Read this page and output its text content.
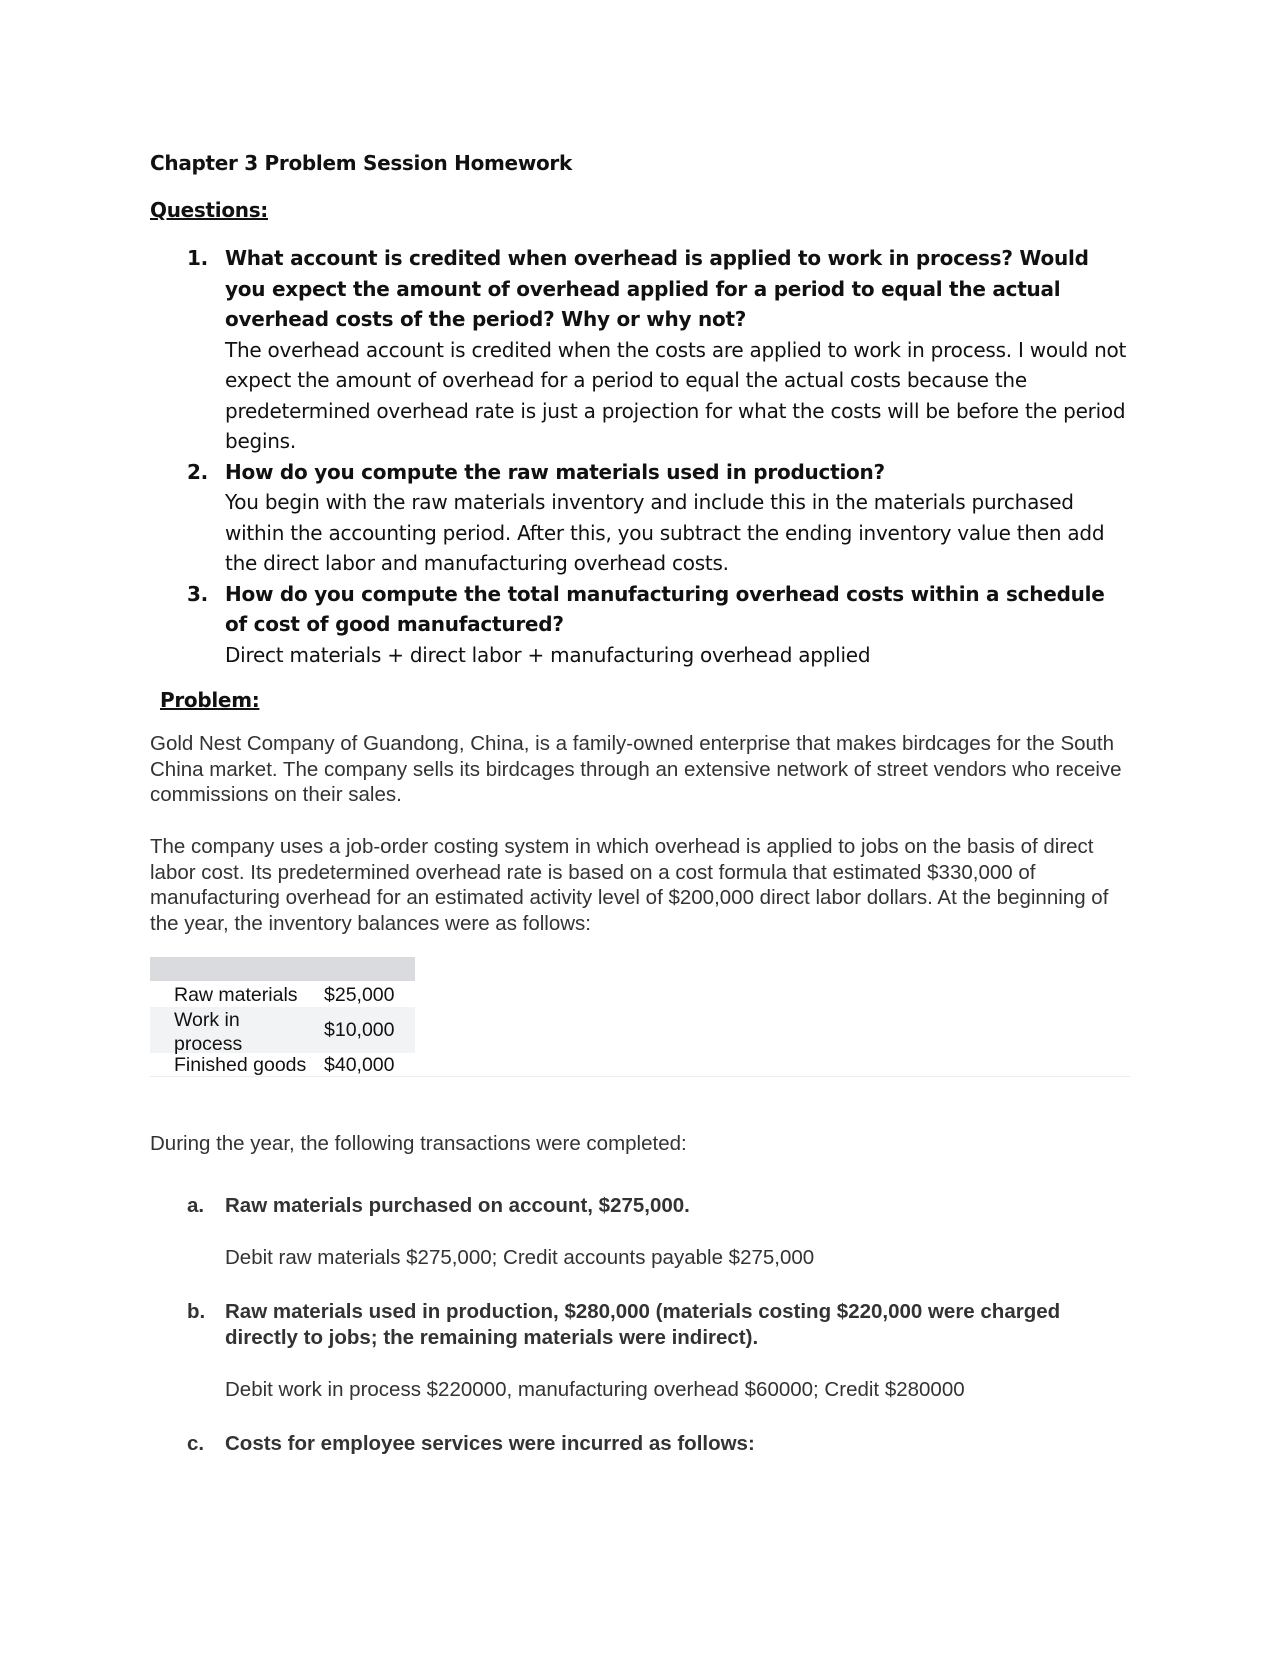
Chapter 3 Problem Session Homework
Questions:
1. What account is credited when overhead is applied to work in process? Would you expect the amount of overhead applied for a period to equal the actual overhead costs of the period? Why or why not?
The overhead account is credited when the costs are applied to work in process. I would not expect the amount of overhead for a period to equal the actual costs because the predetermined overhead rate is just a projection for what the costs will be before the period begins.
2. How do you compute the raw materials used in production?
You begin with the raw materials inventory and include this in the materials purchased within the accounting period. After this, you subtract the ending inventory value then add the direct labor and manufacturing overhead costs.
3. How do you compute the total manufacturing overhead costs within a schedule of cost of good manufactured?
Direct materials + direct labor + manufacturing overhead applied
Problem:
Gold Nest Company of Guandong, China, is a family-owned enterprise that makes birdcages for the South China market. The company sells its birdcages through an extensive network of street vendors who receive commissions on their sales.
The company uses a job-order costing system in which overhead is applied to jobs on the basis of direct labor cost. Its predetermined overhead rate is based on a cost formula that estimated $330,000 of manufacturing overhead for an estimated activity level of $200,000 direct labor dollars. At the beginning of the year, the inventory balances were as follows:
Raw materials $25,000
Work in process
$10,000
Finished goods $40,000
During the year, the following transactions were completed:
a. Raw materials purchased on account, $275,000.
Debit raw materials $275,000; Credit accounts payable $275,000
b. Raw materials used in production, $280,000 (materials costing $220,000 were charged directly to jobs; the remaining materials were indirect).
Debit work in process $220000, manufacturing overhead $60000; Credit $280000
c. Costs for employee services were incurred as follows:
